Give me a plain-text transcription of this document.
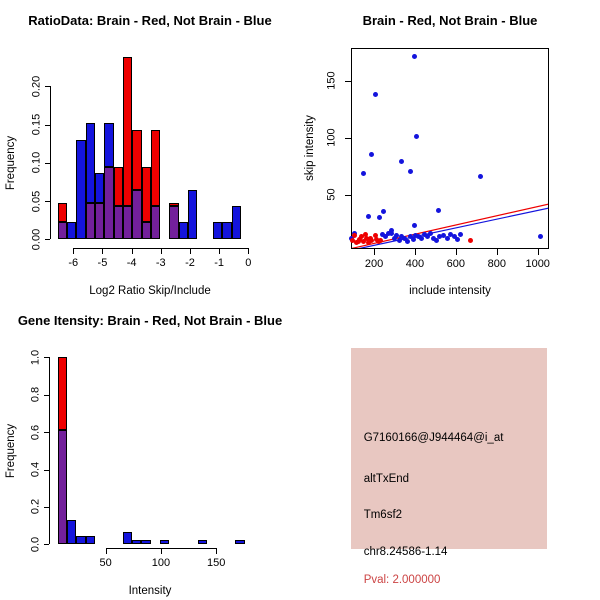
RatioData: Brain - Red, Not Brain - Blue
Frequency
Log2 Ratio Skip/Include
0.00
0.05
0.10
0.15
0.20
-6	-5	-4	-3	-2	-1	0
Brain - Red, Not Brain - Blue
skip intensity
include intensity
50
100
150
200	400	600	800	1000
Gene Itensity: Brain - Red, Not Brain - Blue
Frequency
Intensity
0.0
0.2
0.4
0.6
0.8
1.0
50	100	150
G7160166@J944464@i_at
altTxEnd
Tm6sf2
chr8.24586-1.14
Pval: 2.000000
